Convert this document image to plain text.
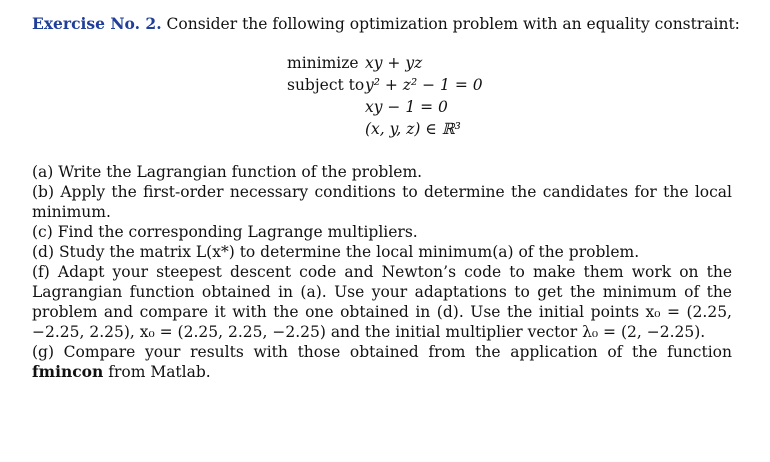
Exercise No. 2. Consider the following optimization problem with an equality constraint:

minimize xy + yz
subject toy² + z² − 1 = 0
xy − 1 = 0
(x, y, z) ∈ ℝ³

(a) Write the Lagrangian function of the problem.

(b) Apply the first-order necessary conditions to determine the candidates for the local minimum.

(c) Find the corresponding Lagrange multipliers.

(d) Study the matrix L(x*) to determine the local minimum(a) of the problem.

(f) Adapt your steepest descent code and Newton’s code to make them work on the Lagrangian function obtained in (a). Use your adaptations to get the minimum of the problem and compare it with the one obtained in (d). Use the initial points x₀ = (2.25, −2.25, 2.25), x₀ = (2.25, 2.25, −2.25) and the initial multiplier vector λ₀ = (2, −2.25).

(g) Compare your results with those obtained from the application of the function fmincon from Matlab.
